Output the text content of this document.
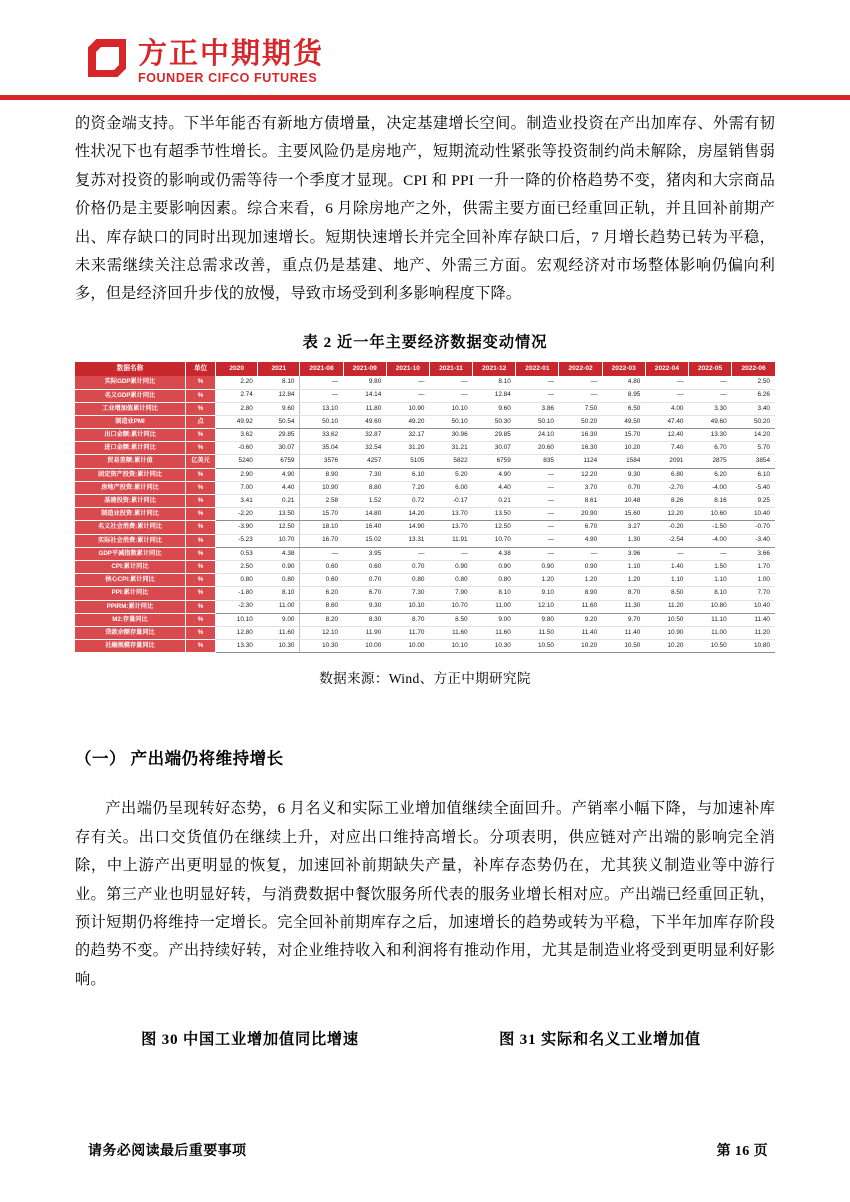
方正中期期货
FOUNDER CIFCO FUTURES

的资金端支持。下半年能否有新地方债增量，决定基建增长空间。制造业投资在产出加库存、外需有韧性状况下也有超季节性增长。主要风险仍是房地产，短期流动性紧张等投资制约尚未解除，房屋销售弱复苏对投资的影响或仍需等待一个季度才显现。CPI 和 PPI 一升一降的价格趋势不变，猪肉和大宗商品价格仍是主要影响因素。综合来看，6 月除房地产之外，供需主要方面已经重回正轨，并且回补前期产出、库存缺口的同时出现加速增长。短期快速增长并完全回补库存缺口后，7 月增长趋势已转为平稳，未来需继续关注总需求改善，重点仍是基建、地产、外需三方面。宏观经济对市场整体影响仍偏向利多，但是经济回升步伐的放慢，导致市场受到利多影响程度下降。

表 2 近一年主要经济数据变动情况
数据名称	单位	2020	2021	2021-08	2021-09	2021-10	2021-11	2021-12	2022-01	2022-02	2022-03	2022-04	2022-05	2022-06
实际GDP累计同比	%	2.20	8.10	—	9.80	—	—	8.10	—	—	4.80	—	—	2.50
名义GDP累计同比	%	2.74	12.84	—	14.14	—	—	12.84	—	—	8.95	—	—	6.26
工业增加值累计同比	%	2.80	9.60	13.10	11.80	10.90	10.10	9.60	3.86	7.50	6.50	4.00	3.30	3.40
制造业PMI	点	49.92	50.54	50.10	49.60	49.20	50.10	50.30	50.10	50.20	49.50	47.40	49.60	50.20
出口金额:累计同比	%	3.62	29.85	33.62	32.87	32.17	30.96	29.85	24.10	16.30	15.70	12.40	13.30	14.20
进口金额:累计同比	%	-0.60	30.07	35.04	32.54	31.20	31.21	30.07	20.60	16.30	10.20	7.40	6.70	5.70
贸易差额:累计值	亿美元	5240	6759	3576	4257	5105	5822	6759	835	1124	1584	2091	2875	3854
固定资产投资:累计同比	%	2.90	4.90	8.90	7.30	6.10	5.20	4.90	—	12.20	9.30	6.80	6.20	6.10
房地产投资:累计同比	%	7.00	4.40	10.90	8.80	7.20	6.00	4.40	—	3.70	0.70	-2.70	-4.00	-5.40
基建投资:累计同比	%	3.41	0.21	2.58	1.52	0.72	-0.17	0.21	—	8.61	10.48	8.26	8.16	9.25
制造业投资:累计同比	%	-2.20	13.50	15.70	14.80	14.20	13.70	13.50	—	20.90	15.60	12.20	10.60	10.40
名义社会消费:累计同比	%	-3.90	12.50	18.10	16.40	14.90	13.70	12.50	—	6.70	3.27	-0.20	-1.50	-0.70
实际社会消费:累计同比	%	-5.23	10.70	16.70	15.02	13.31	11.91	10.70	—	4.90	1.30	-2.54	-4.00	-3.40
GDP平减指数累计同比	%	0.53	4.38	—	3.95	—	—	4.38	—	—	3.96	—	—	3.66
CPI:累计同比	%	2.50	0.90	0.60	0.60	0.70	0.90	0.90	0.90	0.90	1.10	1.40	1.50	1.70
核心CPI:累计同比	%	0.80	0.80	0.60	0.70	0.80	0.80	0.80	1.20	1.20	1.20	1.10	1.10	1.00
PPI:累计同比	%	-1.80	8.10	6.20	6.70	7.30	7.90	8.10	9.10	8.90	8.70	8.50	8.10	7.70
PPIRM:累计同比	%	-2.30	11.00	8.60	9.30	10.10	10.70	11.00	12.10	11.60	11.30	11.20	10.80	10.40
M2:存量同比	%	10.10	9.00	8.20	8.30	8.70	8.50	9.00	9.80	9.20	9.70	10.50	11.10	11.40
贷款余额存量同比	%	12.80	11.60	12.10	11.90	11.70	11.60	11.60	11.50	11.40	11.40	10.90	11.00	11.20
社融规模存量同比	%	13.30	10.30	10.30	10.00	10.00	10.10	10.30	10.50	10.20	10.50	10.20	10.50	10.80
数据来源：Wind、方正中期研究院
（一） 产出端仍将维持增长

产出端仍呈现转好态势，6 月名义和实际工业增加值继续全面回升。产销率小幅下降，与加速补库存有关。出口交货值仍在继续上升，对应出口维持高增长。分项表明，供应链对产出端的影响完全消除，中上游产出更明显的恢复，加速回补前期缺失产量，补库存态势仍在，尤其狭义制造业等中游行业。第三产业也明显好转，与消费数据中餐饮服务所代表的服务业增长相对应。产出端已经重回正轨，预计短期仍将维持一定增长。完全回补前期库存之后，加速增长的趋势或转为平稳，下半年加库存阶段的趋势不变。产出持续好转，对企业维持收入和利润将有推动作用，尤其是制造业将受到更明显利好影响。

图 30 中国工业增加值同比增速	图 31 实际和名义工业增加值
请务必阅读最后重要事项	第 16 页
